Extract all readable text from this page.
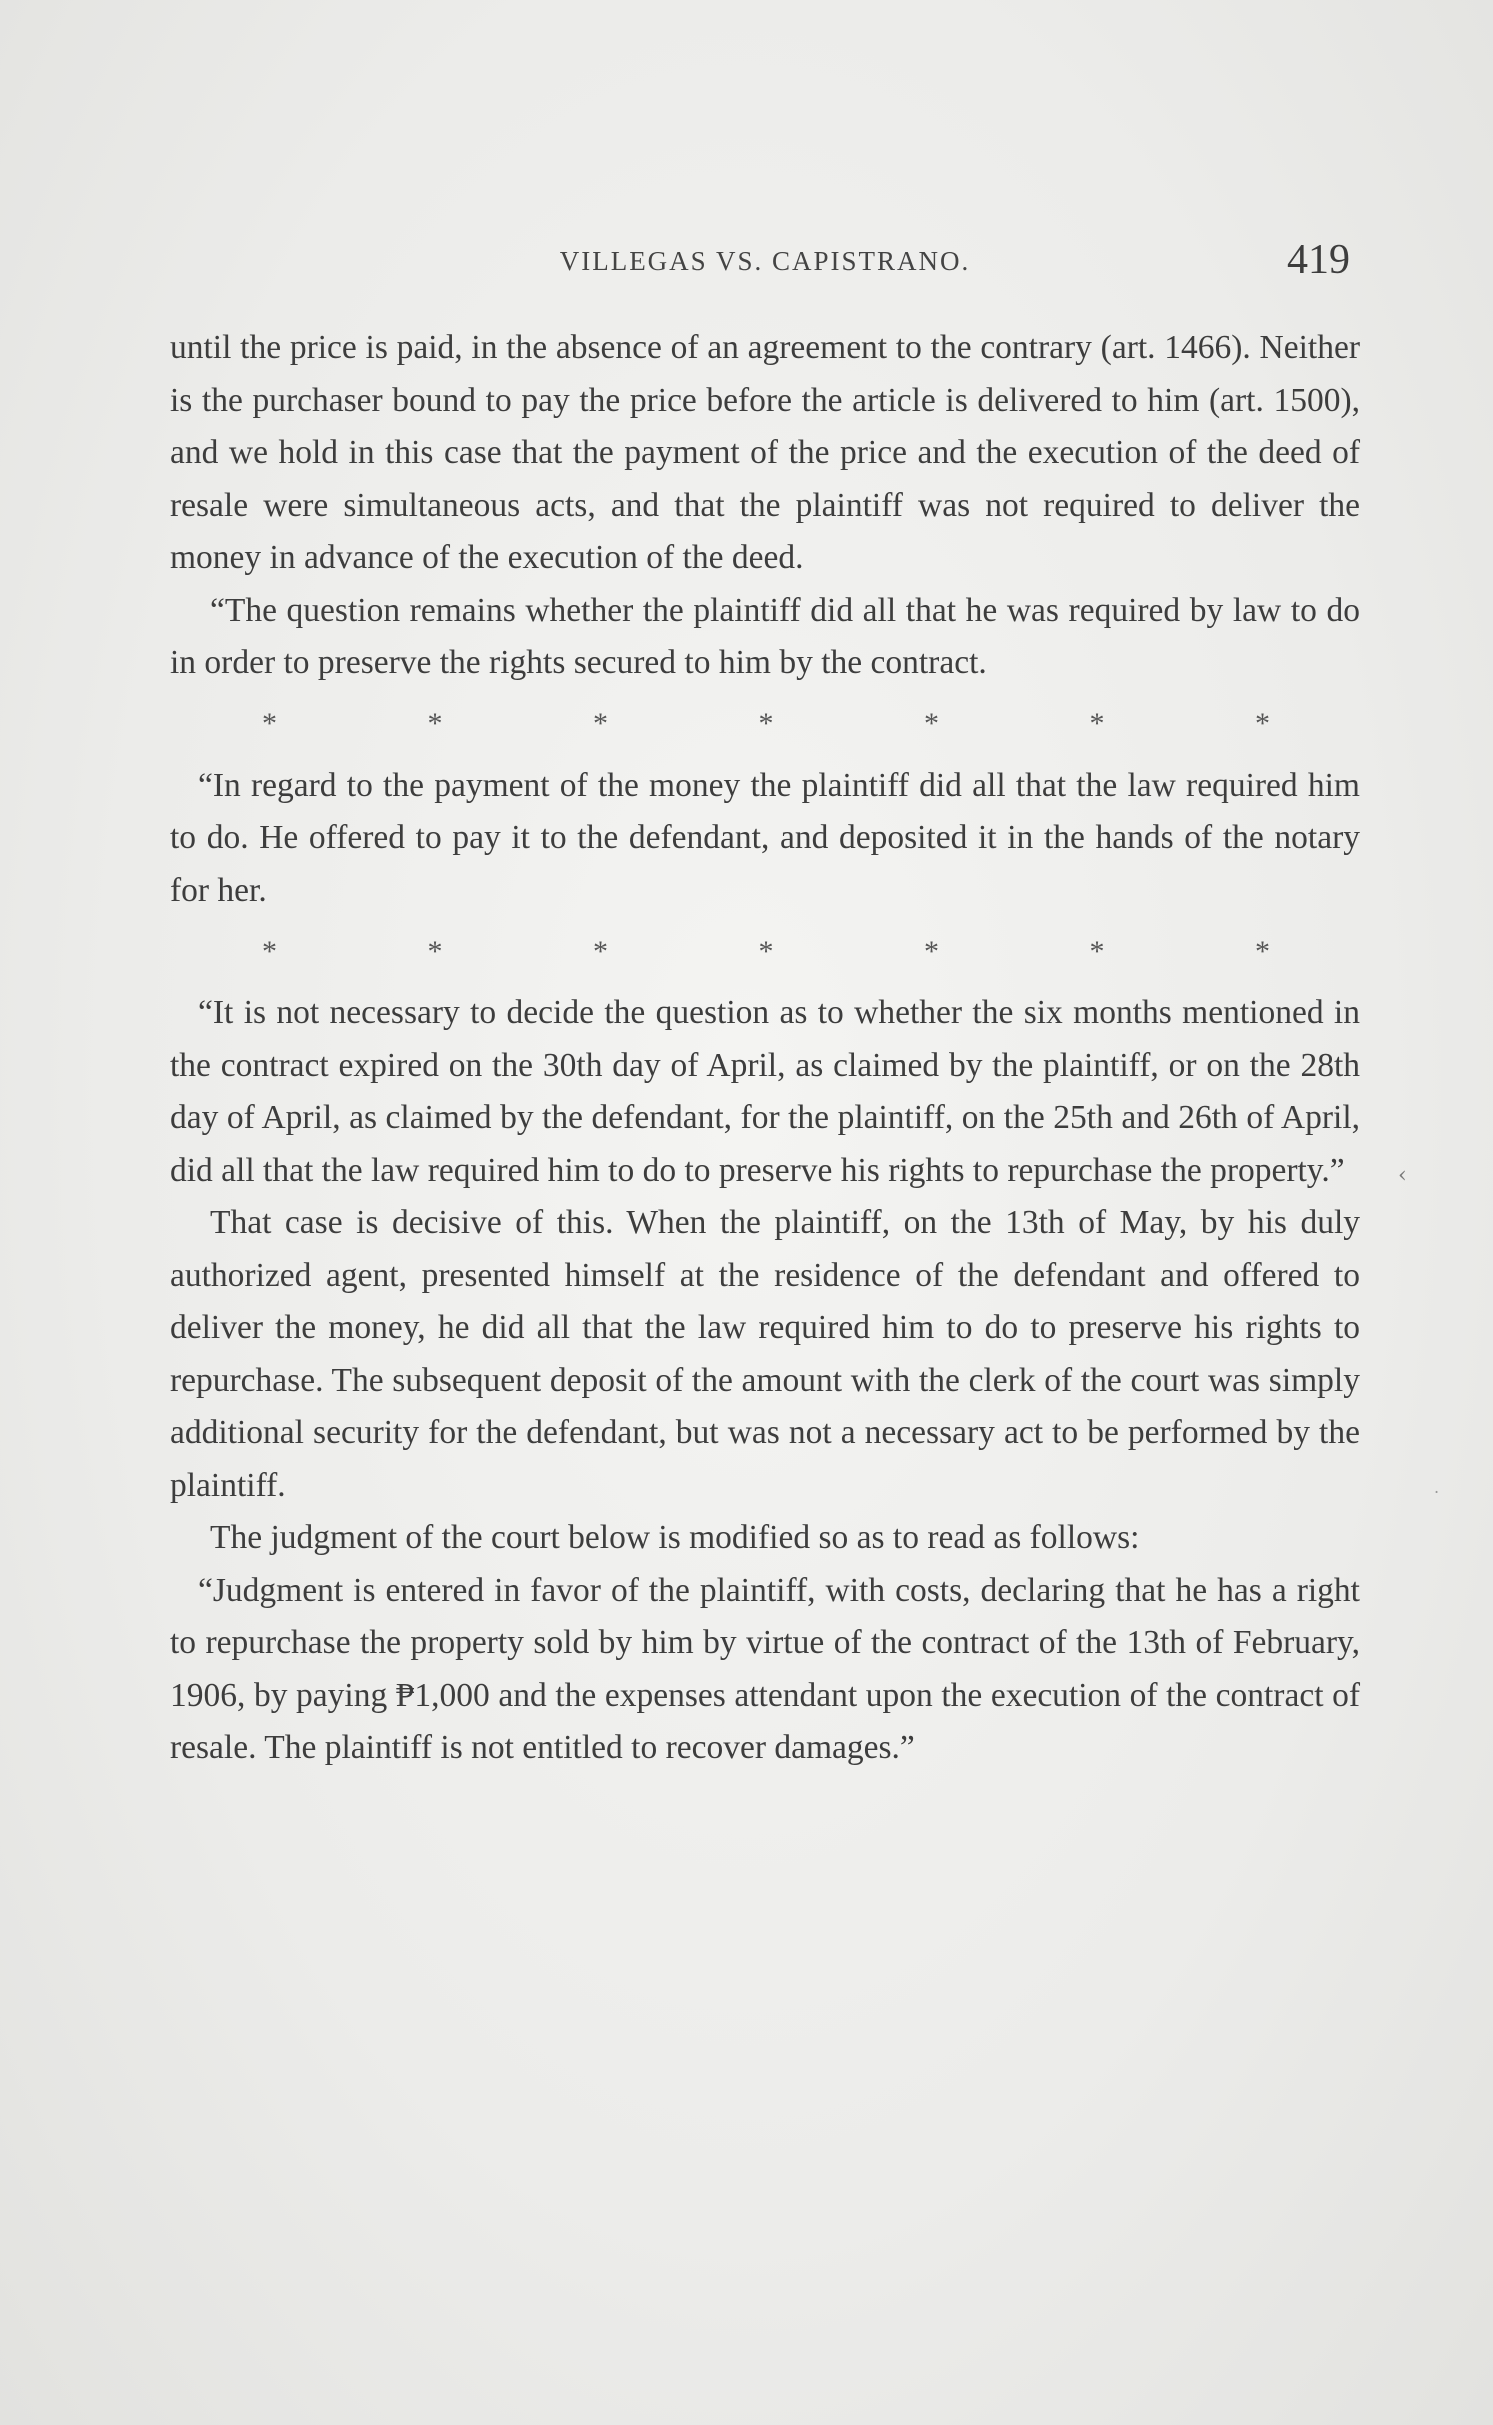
VILLEGAS VS. CAPISTRANO.	419

until the price is paid, in the absence of an agreement to the contrary (art. 1466). Neither is the purchaser bound to pay the price before the article is delivered to him (art. 1500), and we hold in this case that the payment of the price and the execution of the deed of resale were simultaneous acts, and that the plaintiff was not required to deliver the money in advance of the execution of the deed.

“The question remains whether the plaintiff did all that he was required by law to do in order to preserve the rights secured to him by the contract.

*	*	*	*	*	*	*

“In regard to the payment of the money the plaintiff did all that the law required him to do. He offered to pay it to the defendant, and deposited it in the hands of the notary for her.

*	*	*	*	*	*	*

“It is not necessary to decide the question as to whether the six months mentioned in the contract expired on the 30th day of April, as claimed by the plaintiff, or on the 28th day of April, as claimed by the defendant, for the plaintiff, on the 25th and 26th of April, did all that the law required him to do to preserve his rights to repurchase the property.”

That case is decisive of this. When the plaintiff, on the 13th of May, by his duly authorized agent, presented himself at the residence of the defendant and offered to deliver the money, he did all that the law required him to do to preserve his rights to repurchase. The subsequent deposit of the amount with the clerk of the court was simply additional security for the defendant, but was not a necessary act to be performed by the plaintiff.

The judgment of the court below is modified so as to read as follows:

“Judgment is entered in favor of the plaintiff, with costs, declaring that he has a right to repurchase the property sold by him by virtue of the contract of the 13th of February, 1906, by paying ₱1,000 and the expenses attendant upon the execution of the contract of resale. The plaintiff is not entitled to recover damages.”

‹
.
